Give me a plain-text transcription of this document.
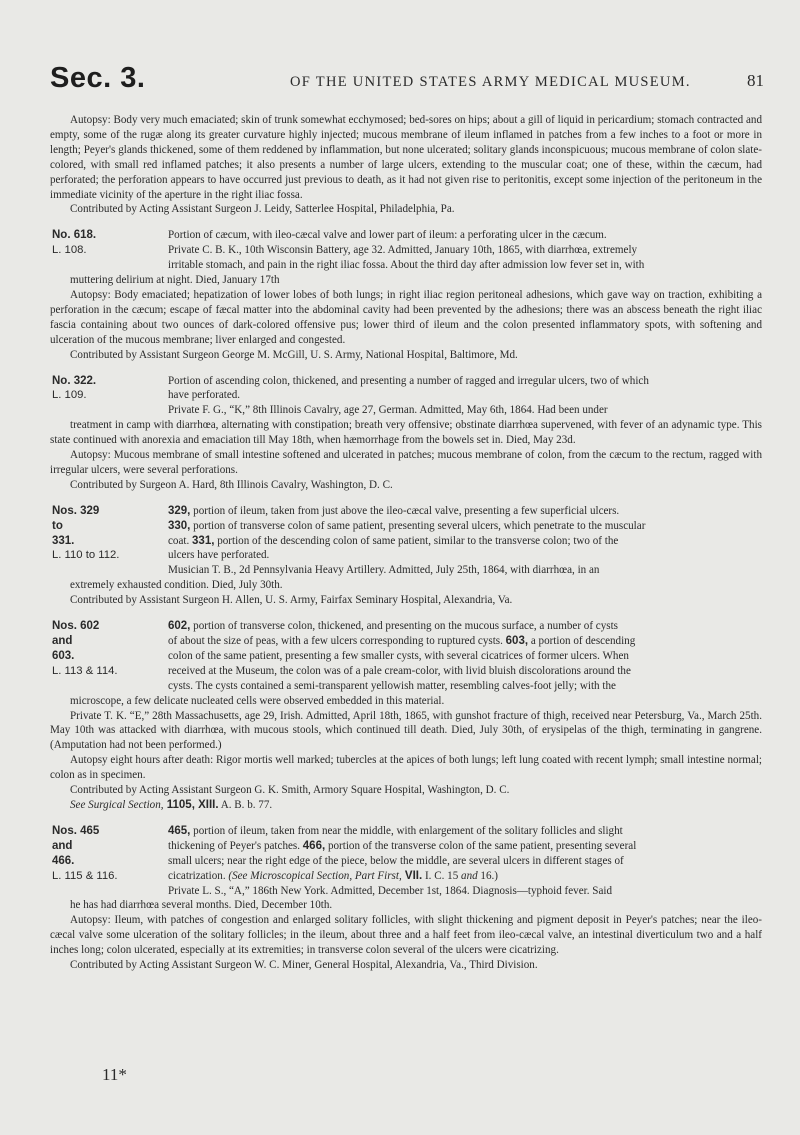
Sec. 3.	OF THE UNITED STATES ARMY MEDICAL MUSEUM.	81

Autopsy: Body very much emaciated; skin of trunk somewhat ecchymosed; bed-sores on hips; about a gill of liquid in pericardium; stomach contracted and empty, some of the rugæ along its greater curvature highly injected; mucous membrane of ileum inflamed in patches from a few inches to a foot or more in length; Peyer's glands thickened, some of them reddened by inflammation, but none ulcerated; solitary glands inconspicuous; mucous membrane of colon slate-colored, with small red inflamed patches; it also presents a number of large ulcers, extending to the muscular coat; one of these, within the cæcum, had perforated; the perforation appears to have occurred just previous to death, as it had not given rise to peritonitis, except some injection of the peritoneum in the immediate vicinity of the aperture in the right iliac fossa.

Contributed by Acting Assistant Surgeon J. Leidy, Satterlee Hospital, Philadelphia, Pa.

No. 618.
L. 108.

Portion of cæcum, with ileo-cæcal valve and lower part of ileum: a perforating ulcer in the cæcum.

Private C. B. K., 10th Wisconsin Battery, age 32. Admitted, January 10th, 1865, with diarrhœa, extremely

irritable stomach, and pain in the right iliac fossa. About the third day after admission low fever set in, with

muttering delirium at night. Died, January 17th

Autopsy: Body emaciated; hepatization of lower lobes of both lungs; in right iliac region peritoneal adhesions, which gave way on traction, exhibiting a perforation in the cæcum; escape of fæcal matter into the abdominal cavity had been prevented by the adhesions; there was an abscess beneath the right iliac fascia containing about two ounces of dark-colored offensive pus; lower third of ileum and the colon presented inflammatory spots, with softening and ulceration of the mucous membrane; liver enlarged and congested.

Contributed by Assistant Surgeon George M. McGill, U. S. Army, National Hospital, Baltimore, Md.

No. 322.
L. 109.

Portion of ascending colon, thickened, and presenting a number of ragged and irregular ulcers, two of which

have perforated.

Private F. G., “K,” 8th Illinois Cavalry, age 27, German. Admitted, May 6th, 1864. Had been under

treatment in camp with diarrhœa, alternating with constipation; breath very offensive; obstinate diarrhœa supervened, with fever of an adynamic type. This state continued with anorexia and emaciation till May 18th, when hæmorrhage from the bowels set in. Died, May 23d.

Autopsy: Mucous membrane of small intestine softened and ulcerated in patches; mucous membrane of colon, from the cæcum to the rectum, ragged with irregular ulcers, were several perforations.

Contributed by Surgeon A. Hard, 8th Illinois Cavalry, Washington, D. C.

Nos. 329
to
331.
L. 110 to 112.

329, portion of ileum, taken from just above the ileo-cæcal valve, presenting a few superficial ulcers.

330, portion of transverse colon of same patient, presenting several ulcers, which penetrate to the muscular

coat. 331, portion of the descending colon of same patient, similar to the transverse colon; two of the

ulcers have perforated.

Musician T. B., 2d Pennsylvania Heavy Artillery. Admitted, July 25th, 1864, with diarrhœa, in an

extremely exhausted condition. Died, July 30th.

Contributed by Assistant Surgeon H. Allen, U. S. Army, Fairfax Seminary Hospital, Alexandria, Va.

Nos. 602
and
603.
L. 113 & 114.

602, portion of transverse colon, thickened, and presenting on the mucous surface, a number of cysts

of about the size of peas, with a few ulcers corresponding to ruptured cysts. 603, a portion of descending

colon of the same patient, presenting a few smaller cysts, with several cicatrices of former ulcers. When

received at the Museum, the colon was of a pale cream-color, with livid bluish discolorations around the

cysts. The cysts contained a semi-transparent yellowish matter, resembling calves-foot jelly; with the

microscope, a few delicate nucleated cells were observed embedded in this material.

Private T. K. “E,” 28th Massachusetts, age 29, Irish. Admitted, April 18th, 1865, with gunshot fracture of thigh, received near Petersburg, Va., March 25th. May 10th was attacked with diarrhœa, with mucous stools, which continued till death. Died, July 30th, of erysipelas of the thigh, terminating in gangrene. (Amputation had not been performed.)

Autopsy eight hours after death: Rigor mortis well marked; tubercles at the apices of both lungs; left lung coated with recent lymph; small intestine normal; colon as in specimen.

Contributed by Acting Assistant Surgeon G. K. Smith, Armory Square Hospital, Washington, D. C.

See Surgical Section, 1105, XIII. A. B. b. 77.

Nos. 465
and
466.
L. 115 & 116.

465, portion of ileum, taken from near the middle, with enlargement of the solitary follicles and slight

thickening of Peyer's patches. 466, portion of the transverse colon of the same patient, presenting several

small ulcers; near the right edge of the piece, below the middle, are several ulcers in different stages of

cicatrization. (See Microscopical Section, Part First, VII. I. C. 15 and 16.)

Private L. S., “A,” 186th New York. Admitted, December 1st, 1864. Diagnosis—typhoid fever. Said

he has had diarrhœa several months. Died, December 10th.

Autopsy: Ileum, with patches of congestion and enlarged solitary follicles, with slight thickening and pigment deposit in Peyer's patches; near the ileo-cæcal valve some ulceration of the solitary follicles; in the ileum, about three and a half feet from ileo-cæcal valve, an intestinal diverticulum two and a half inches long; colon ulcerated, especially at its extremities; in transverse colon several of the ulcers were cicatrizing.

Contributed by Acting Assistant Surgeon W. C. Miner, General Hospital, Alexandria, Va., Third Division.

11*
